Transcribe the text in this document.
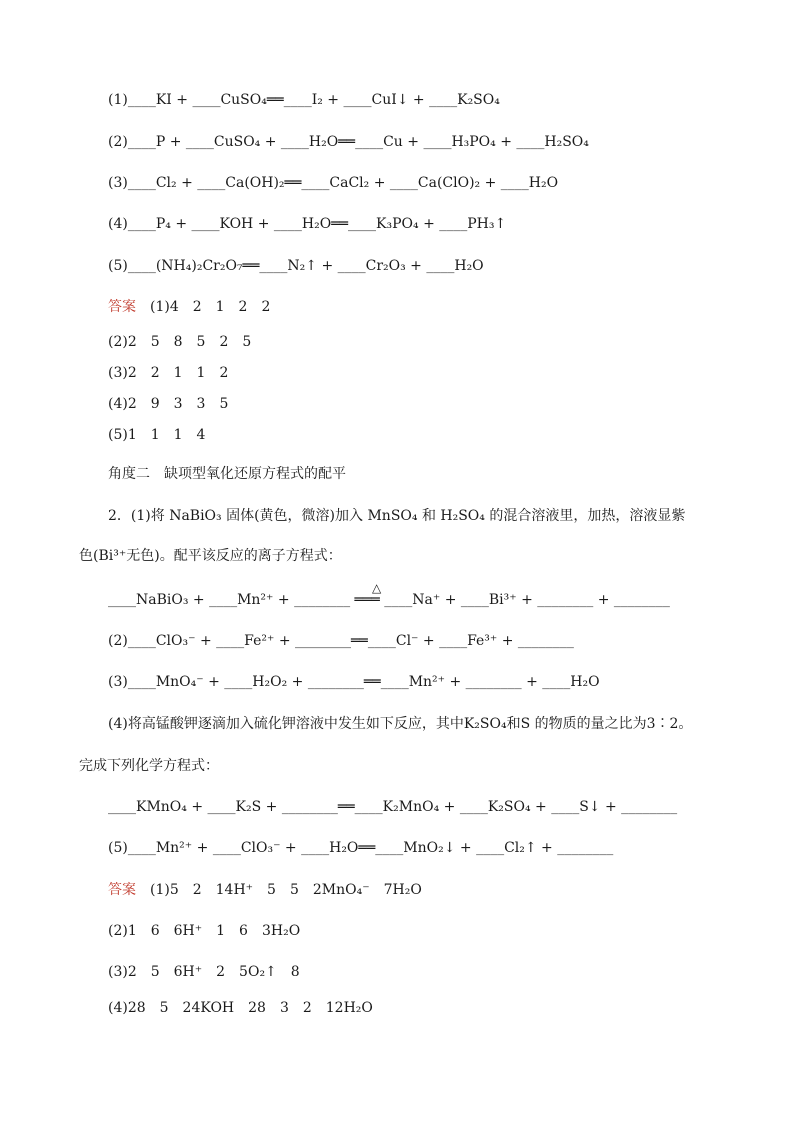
(1)____KI + ____CuSO₄══____I₂ + ____CuI↓ + ____K₂SO₄
(2)____P + ____CuSO₄ + ____H₂O══____Cu + ____H₃PO₄ + ____H₂SO₄
(3)____Cl₂ + ____Ca(OH)₂══____CaCl₂ + ____Ca(ClO)₂ + ____H₂O
(4)____P₄ + ____KOH + ____H₂O══____K₃PO₄ + ____PH₃↑
(5)____(NH₄)₂Cr₂O₇══____N₂↑ + ____Cr₂O₃ + ____H₂O
答案 (1)4　2　1　2　2
(2)2　5　8　5　2　5
(3)2　2　1　1　2
(4)2　9　3　3　5
(5)1　1　1　4
角度二　缺项型氧化还原方程式的配平
2．(1)将 NaBiO₃ 固体(黄色，微溶)加入 MnSO₄ 和 H₂SO₄ 的混合溶液里，加热，溶液显紫
色(Bi³⁺无色)。配平该反应的离子方程式：
△
____NaBiO₃ + ____Mn²⁺ + ________ ═══ ____Na⁺ + ____Bi³⁺ + ________ + ________
(2)____ClO₃⁻ + ____Fe²⁺ + ________══____Cl⁻ + ____Fe³⁺ + ________
(3)____MnO₄⁻ + ____H₂O₂ + ________══____Mn²⁺ + ________ + ____H₂O
(4)将高锰酸钾逐滴加入硫化钾溶液中发生如下反应，其中K₂SO₄和S 的物质的量之比为3∶2。
完成下列化学方程式：
____KMnO₄ + ____K₂S + ________══____K₂MnO₄ + ____K₂SO₄ + ____S↓ + ________
(5)____Mn²⁺ + ____ClO₃⁻ + ____H₂O══____MnO₂↓ + ____Cl₂↑ + ________
答案 (1)5　2　14H⁺　5　5　2MnO₄⁻　7H₂O
(2)1　6　6H⁺　1　6　3H₂O
(3)2　5　6H⁺　2　5O₂↑　8
(4)28　5　24KOH　28　3　2　12H₂O
